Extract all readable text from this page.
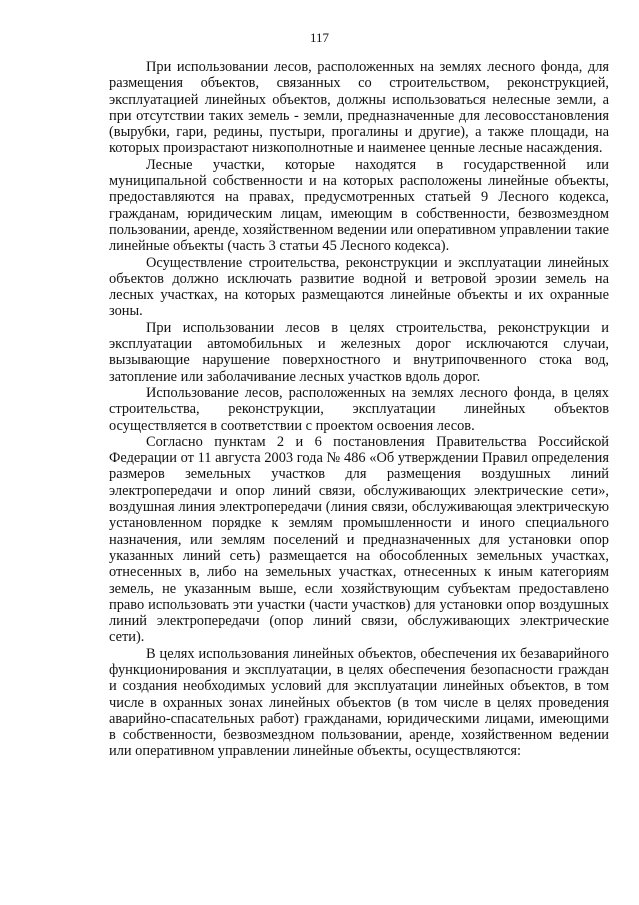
117

При использовании лесов, расположенных на землях лесного фонда, для размещения объектов, связанных со строительством, реконструкцией, эксплуатацией линейных объектов, должны использоваться нелесные земли, а при отсутствии таких земель - земли, предназначенные для лесовосстановления (вырубки, гари, редины, пустыри, прогалины и другие), а также площади, на которых произрастают низкополнотные и наименее ценные лесные насаждения.

Лесные участки, которые находятся в государственной или муниципальной собственности и на которых расположены линейные объекты, предоставляются на правах, предусмотренных статьей 9 Лесного кодекса, гражданам, юридическим лицам, имеющим в собственности, безвозмездном пользовании, аренде, хозяйственном ведении или оперативном управлении такие линейные объекты (часть 3 статьи 45 Лесного кодекса).

Осуществление строительства, реконструкции и эксплуатации линейных объектов должно исключать развитие водной и ветровой эрозии земель на лесных участках, на которых размещаются линейные объекты и их охранные зоны.

При использовании лесов в целях строительства, реконструкции и эксплуатации автомобильных и железных дорог исключаются случаи, вызывающие нарушение поверхностного и внутрипочвенного стока вод, затопление или заболачивание лесных участков вдоль дорог.

Использование лесов, расположенных на землях лесного фонда, в целях строительства, реконструкции, эксплуатации линейных объектов осуществляется в соответствии с проектом освоения лесов.

Согласно пунктам 2 и 6 постановления Правительства Российской Федерации от 11 августа 2003 года № 486 «Об утверждении Правил определения размеров земельных участков для размещения воздушных линий электропередачи и опор линий связи, обслуживающих электрические сети», воздушная линия электропередачи (линия связи, обслуживающая электрическую установленном порядке к землям промышленности и иного специального назначения, или землям поселений и предназначенных для установки опор указанных линий сеть) размещается на обособленных земельных участках, отнесенных в, либо на земельных участках, отнесенных к иным категориям земель, не указанным выше, если хозяйствующим субъектам предоставлено право использовать эти участки (части участков) для установки опор воздушных линий электропередачи (опор линий связи, обслуживающих электрические сети).

В целях использования линейных объектов, обеспечения их безаварийного функционирования и эксплуатации, в целях обеспечения безопасности граждан и создания необходимых условий для эксплуатации линейных объектов, в том числе в охранных зонах линейных объектов (в том числе в целях проведения аварийно-спасательных работ) гражданами, юридическими лицами, имеющими в собственности, безвозмездном пользовании, аренде, хозяйственном ведении или оперативном управлении линейные объекты, осуществляются:
